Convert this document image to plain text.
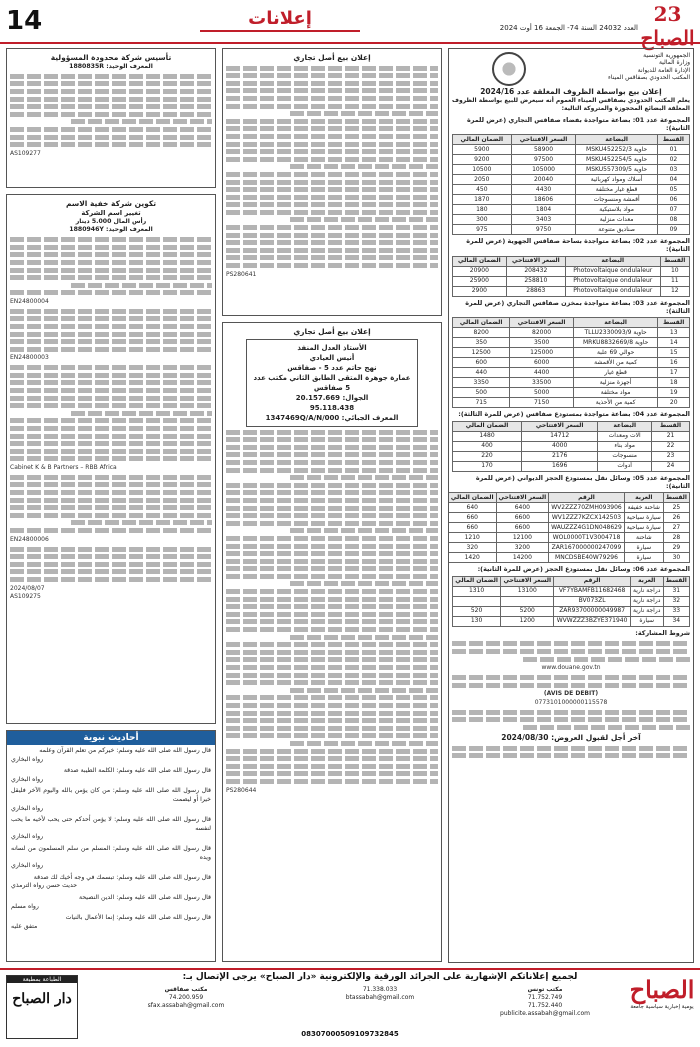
14	إعلانات	العدد 24032 السنة 74- الجمعة 16 أوت 2024
23 الصباح
الجمهورية التونسية
وزارة المالية
الإدارة العامة للديوانة
المكتب الحدودي بصفاقس الميناء
إعلان بيع بواسطة الظروف المغلقة عدد 2024/16
يعلم المكتب الحدودي بصفاقس الميناء العموم أنه سيعرض للبيع بواسطة الظروف المغلقة البضائع المحجوزة والمتروكة التالية:
المجموعة عدد 01: بضاعة متواجدة بفضاء صفاقس التجاري (عرض للمرة الثانية):
القسط	البضاعة	السعر الافتتاحي	الضمان المالي
01	MSKU452252/3 حاوية	58900	5900
02	MSKU452254/5 حاوية	97500	9200
03	MSKU557309/5 حاوية	105000	10500
04	أسلاك ومواد كهربائية	20040	2050
05	قطع غيار مختلفة	4430	450
06	أقمشة ومنسوجات	18606	1870
07	مواد بلاستيكية	1804	180
08	معدات منزلية	3403	300
09	صناديق متنوعة	9750	975
المجموعة عدد 02: بضاعة متواجدة بساحة صفاقس الجهوية (عرض للمرة الثانية):
القسط	البضاعة	السعر الافتتاحي	الضمان المالي
10	Photovoltaique ondulaleur	208432	20900
11	Photovoltaique ondulaleur	258810	25900
12	Photovoltaique ondulaleur	28863	2900
المجموعة عدد 03: بضاعة متواجدة بمخزن صفاقس التجاري (عرض للمرة الثالثة):
القسط	البضاعة	السعر الافتتاحي	الضمان المالي
13	TLLU2330093/9 حاوية	82000	8200
14	MRKU8832669/8 حاوية	3500	350
15	حوالي 69 علبة	125000	12500
16	كمية من الأقمشة	6000	600
17	قطع غيار	4400	440
18	أجهزة منزلية	33500	3350
19	مواد مختلفة	5000	500
20	كمية من الأحذية	7150	715
المجموعة عدد 04: بضاعة متواجدة بمستودع صفاقس (عرض للمرة الثالثة):
القسط	البضاعة	السعر الافتتاحي	الضمان المالي
21	آلات ومعدات	14712	1480
22	مواد بناء	4000	400
23	منسوجات	2176	220
24	أدوات	1696	170
المجموعة عدد 05: وسائل نقل بمستودع الحجز الديواني (عرض للمرة الثانية):
القسط	العربة	الرقم	السعر الافتتاحي	الضمان المالي
25	شاحنة خفيفة	WV2ZZZ70ZMH093906	6400	640
26	سيارة سياحية	WV1ZZZ7KZCX142503	6600	660
27	سيارة سياحية	WAUZZZ4G1DN048629	6600	660
28	شاحنة	WOL0000T1V3004718	12100	1210
29	سيارة	ZAR167000000247099	3200	320
30	سيارة	MNCDSBE40W79296	14200	1420
المجموعة عدد 06: وسائل نقل بمستودع الحجز (عرض للمرة الثانية):
القسط	العربة	الرقم	السعر الافتتاحي	الضمان المالي
31	دراجة نارية	VF7YBAMFB11682468	13100	1310
32	دراجة نارية	BV073ZL		
33	دراجة نارية	ZAR93700000049987	5200	520
34	سيارة	WVWZZZ3BZYE371940	1200	130
شروط المشاركة:
www.douane.gov.tn
(AVIS DE DEBIT)
0773101000000115578
آخر أجل لقبول العروض: 2024/08/30
إعلان بيع أصل تجاري
PS280641
إعلان بيع أصل تجاري
الأستاذ العدل المنفذ
أنيس العيادي
نهج حاتم عدد 5 - صفاقس
عمارة جوهرة المتقى الطابق الثاني مكتب عدد 5 صفاقس
الجوال: 20.157.669
95.118.438
المعرف الجبائي: 1347469Q/A/N/000
PS280644
تأسيس شركة محدودة المسؤولية
المعرف الوحيد: 1880835R
AS109277
تكوين شركة خفية الاسم
تغيير اسم الشركة
رأس المال 5.000 دينار
المعرف الوحيد: 1880946Y
EN24800004
EN24800003
Cabinet K & B Partners – RBB Africa
EN24800006
2024/08/07
AS109275
أحاديث نبوية
قال رسول الله صلى الله عليه وسلم: خيركم من تعلم القرآن وعلمه
رواه البخاري
قال رسول الله صلى الله عليه وسلم: الكلمة الطيبة صدقة
رواه البخاري
قال رسول الله صلى الله عليه وسلم: من كان يؤمن بالله واليوم الآخر فليقل خيرا أو ليصمت
رواه البخاري
قال رسول الله صلى الله عليه وسلم: لا يؤمن أحدكم حتى يحب لأخيه ما يحب لنفسه
رواه البخاري
قال رسول الله صلى الله عليه وسلم: المسلم من سلم المسلمون من لسانه ويده
رواه البخاري
قال رسول الله صلى الله عليه وسلم: تبسمك في وجه أخيك لك صدقة
حديث حسن رواه الترمذي
قال رسول الله صلى الله عليه وسلم: الدين النصيحة
رواه مسلم
قال رسول الله صلى الله عليه وسلم: إنما الأعمال بالنيات
متفق عليه
لجميع إعلاناتكم الإشهارية على الجرائد الورقية والإلكترونية «دار الصباح» يرجى الإتصال بـ:	الصباح
يومية إخبارية سياسية جامعة
مكتب تونس
71.752.749
71.752.440
publicite.assabah@gmail.com
71.338.033
btassabah@gmail.com
مكتب صفاقس
74.200.959
sfax.assabah@gmail.com
الطباعة بمطبعة
دار الصباح
08307000509109732845
